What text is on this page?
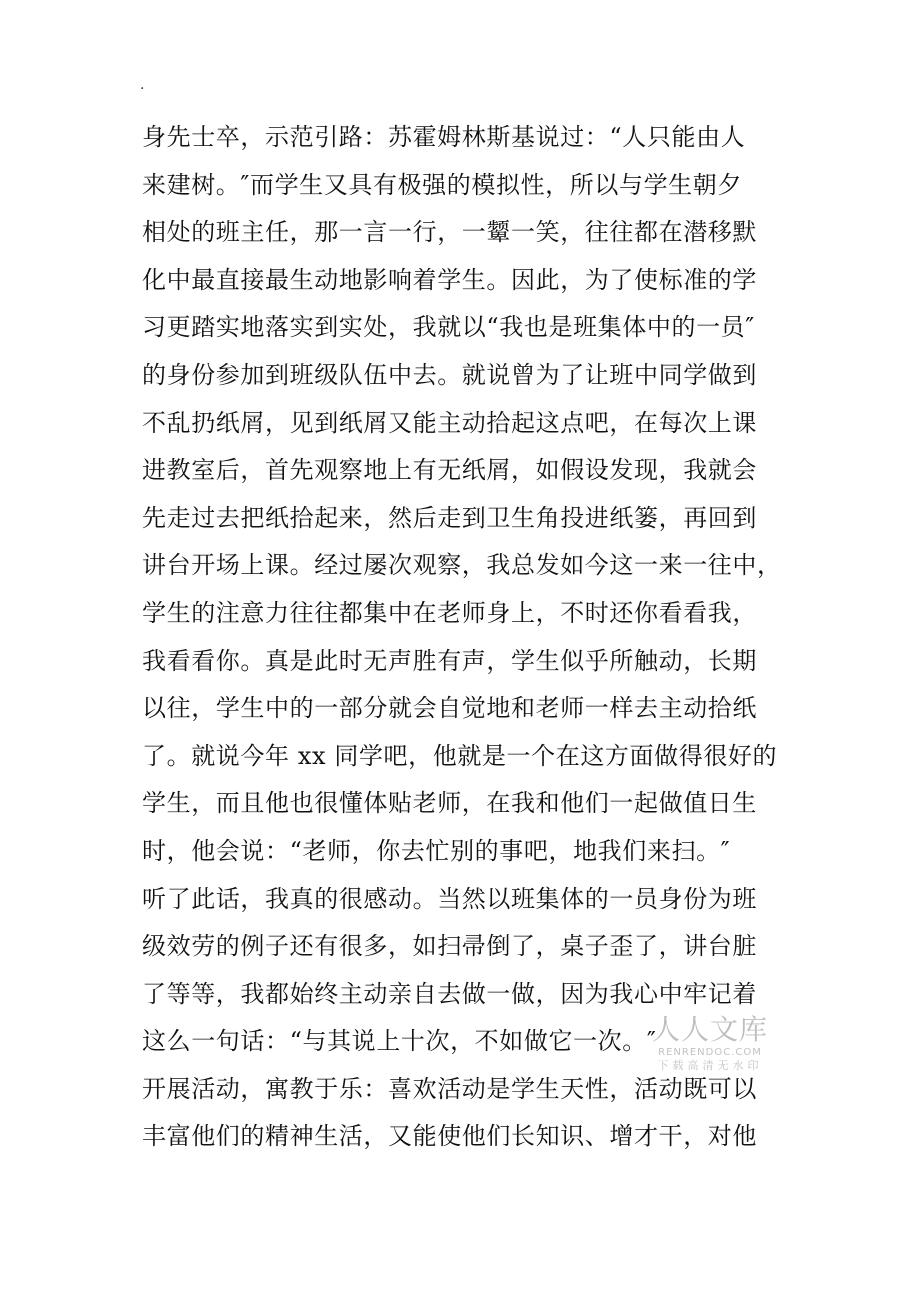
.
身先士卒，示范引路：苏霍姆林斯基说过：“人只能由人
来建树。″而学生又具有极强的模拟性，所以与学生朝夕
相处的班主任，那一言一行，一颦一笑，往往都在潜移默
化中最直接最生动地影响着学生。因此，为了使标准的学
习更踏实地落实到实处，我就以“我也是班集体中的一员″
的身份参加到班级队伍中去。就说曾为了让班中同学做到
不乱扔纸屑，见到纸屑又能主动拾起这点吧，在每次上课
进教室后，首先观察地上有无纸屑，如假设发现，我就会
先走过去把纸拾起来，然后走到卫生角投进纸篓，再回到
讲台开场上课。经过屡次观察，我总发如今这一来一往中，
学生的注意力往往都集中在老师身上，不时还你看看我，
我看看你。真是此时无声胜有声，学生似乎所触动，长期
以往，学生中的一部分就会自觉地和老师一样去主动拾纸
了。就说今年 xx 同学吧，他就是一个在这方面做得很好的
学生，而且他也很懂体贴老师，在我和他们一起做值日生
时，他会说：“老师，你去忙别的事吧，地我们来扫。″
听了此话，我真的很感动。当然以班集体的一员身份为班
级效劳的例子还有很多，如扫帚倒了，桌子歪了，讲台脏
了等等，我都始终主动亲自去做一做，因为我心中牢记着
这么一句话：“与其说上十次，不如做它一次。″
开展活动，寓教于乐：喜欢活动是学生天性，活动既可以
丰富他们的精神生活，又能使他们长知识、增才干，对他
人人文库
RENRENDOC.COM
下载高清无水印
